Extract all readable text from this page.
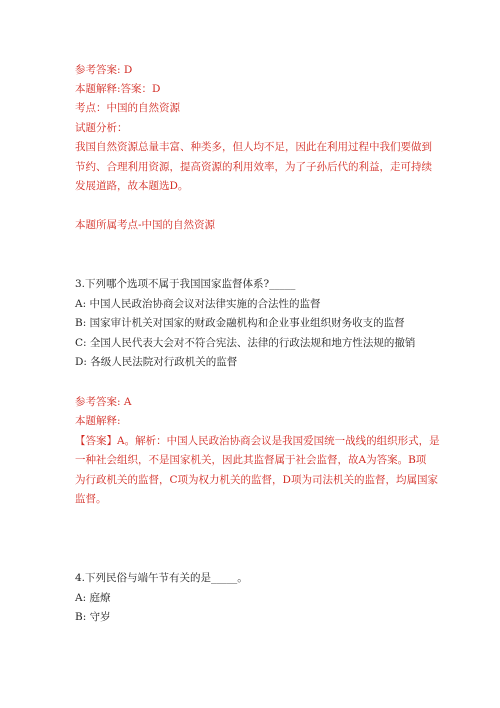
参考答案: D
本题解释:答案：D
考点：中国的自然资源
试题分析：
我国自然资源总量丰富、种类多，但人均不足，因此在利用过程中我们要做到
节约、合理利用资源，提高资源的利用效率，为了子孙后代的利益，走可持续
发展道路，故本题选D。
本题所属考点-中国的自然资源
3.下列哪个选项不属于我国国家监督体系?_____
A: 中国人民政治协商会议对法律实施的合法性的监督
B: 国家审计机关对国家的财政金融机构和企业事业组织财务收支的监督
C: 全国人民代表大会对不符合宪法、法律的行政法规和地方性法规的撤销
D: 各级人民法院对行政机关的监督
参考答案: A
本题解释:
【答案】A。解析：中国人民政治协商会议是我国爱国统一战线的组织形式，是
一种社会组织，不是国家机关，因此其监督属于社会监督，故A为答案。B项
为行政机关的监督，C项为权力机关的监督，D项为司法机关的监督，均属国家
监督。
4.下列民俗与端午节有关的是_____。
A: 庭燎
B: 守岁
